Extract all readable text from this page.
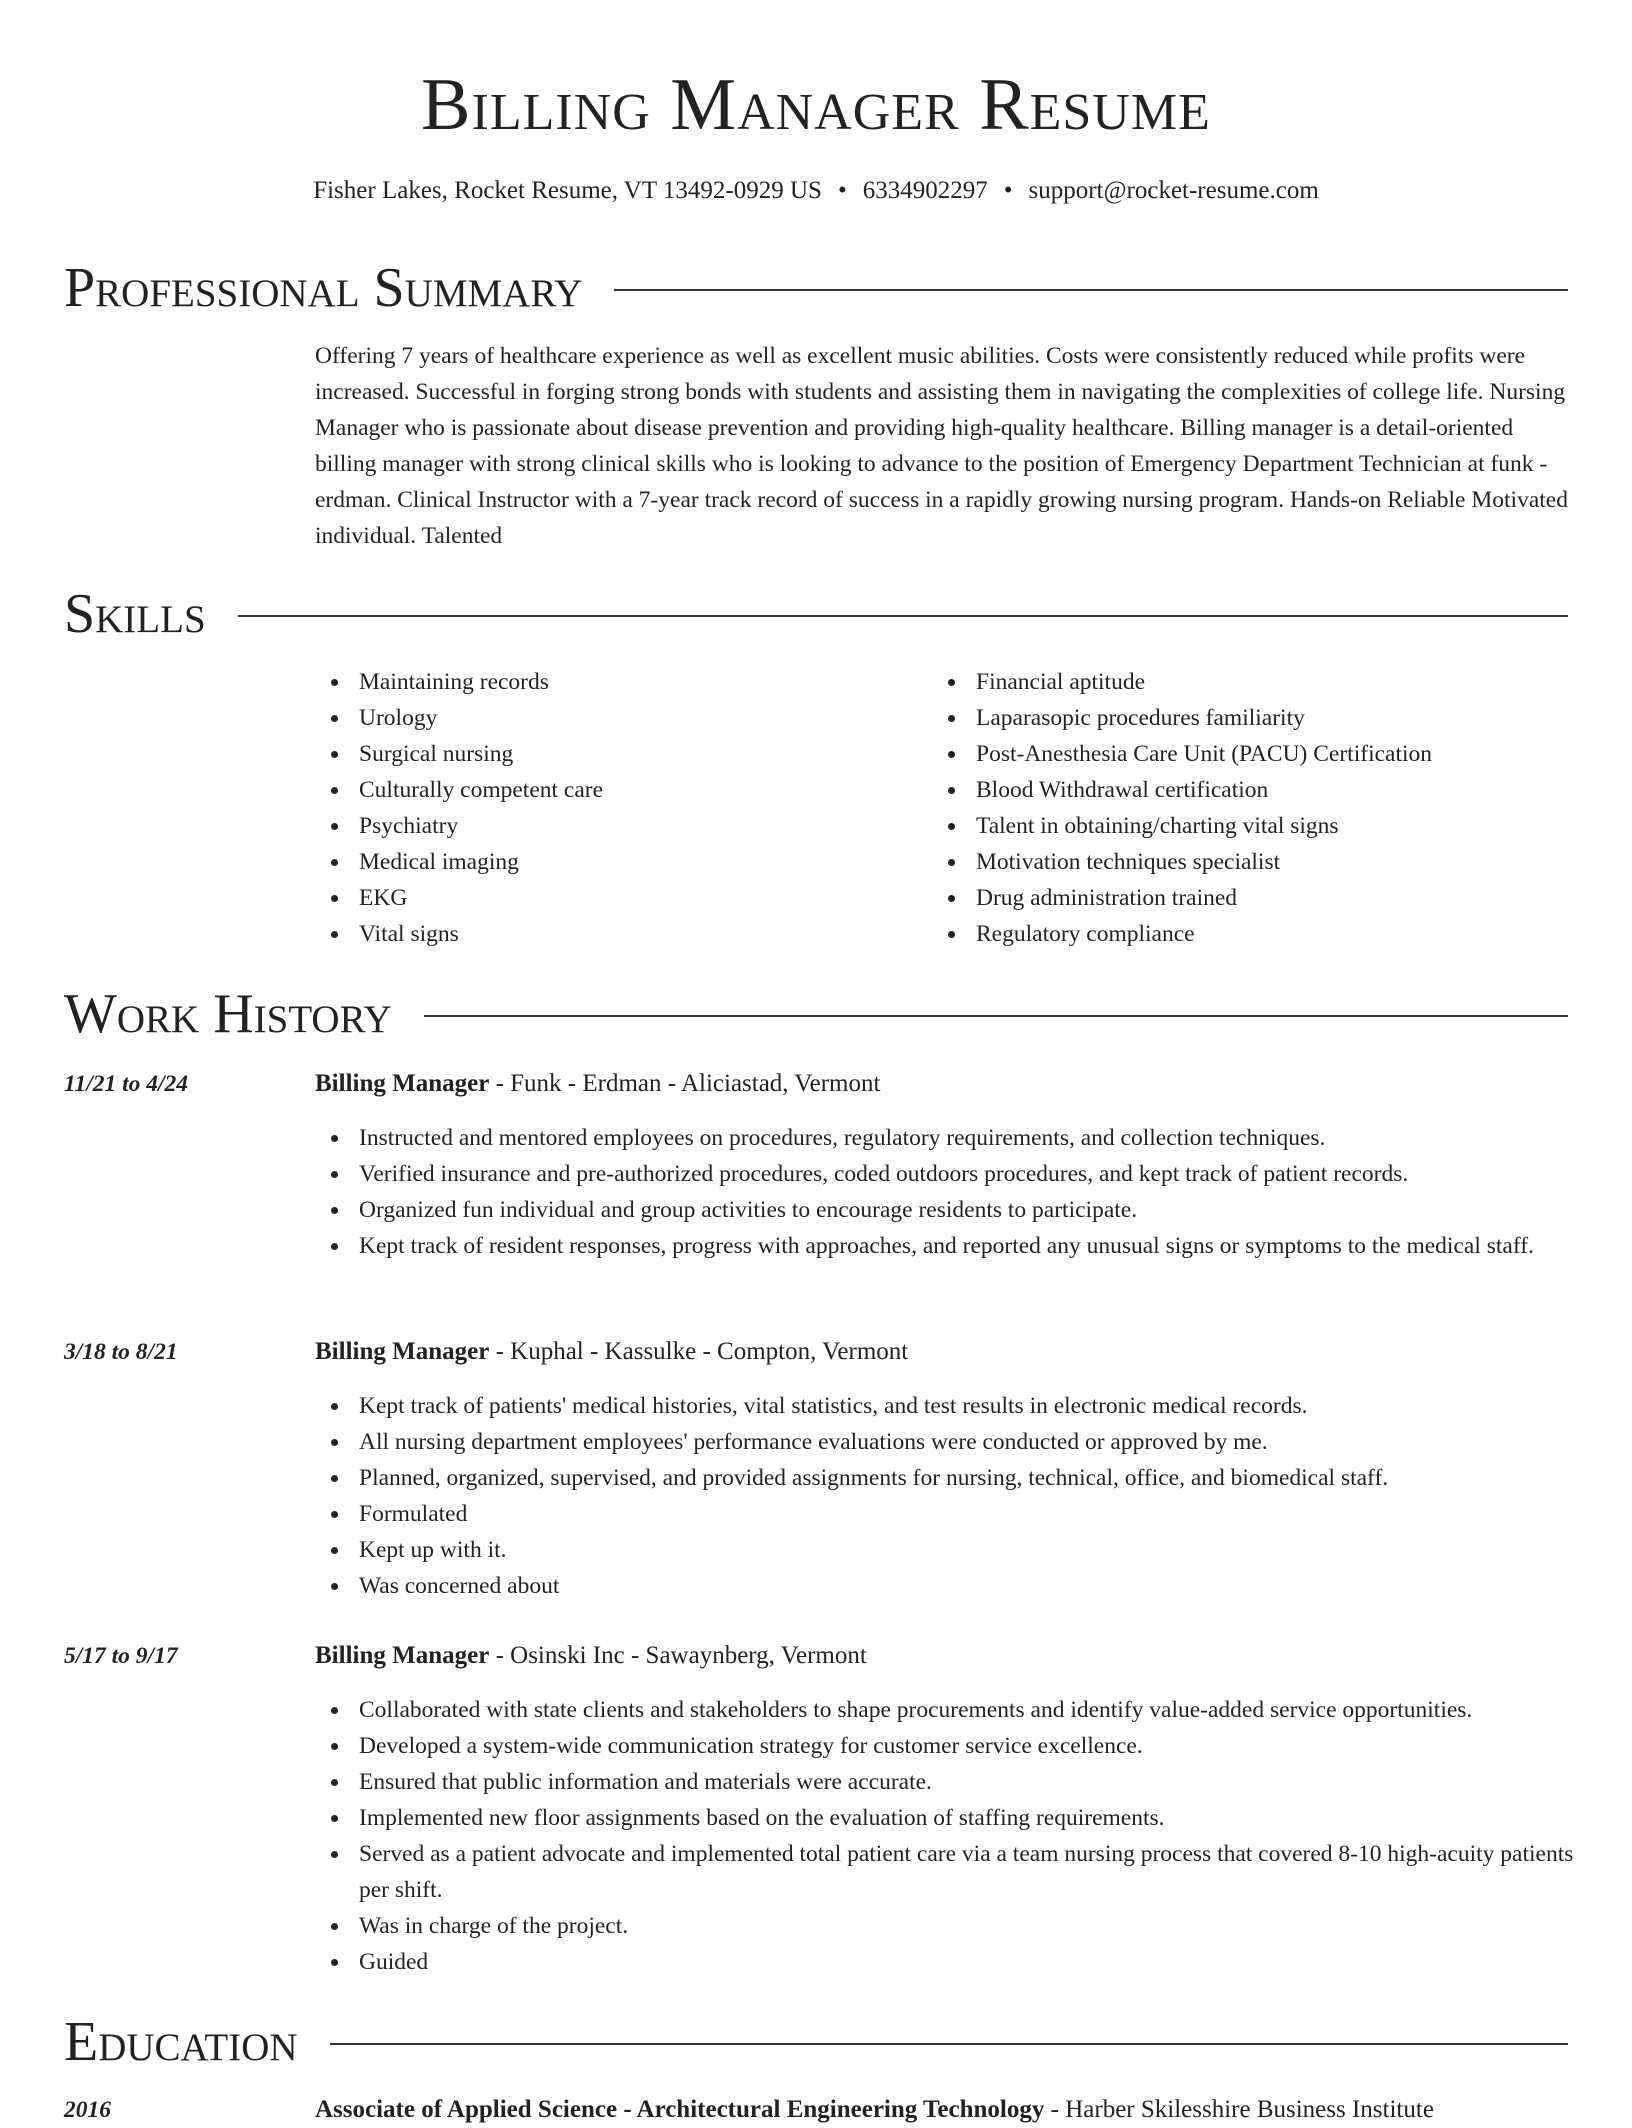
Billing Manager Resume
Fisher Lakes, Rocket Resume, VT 13492-0929 US • 6334902297 • support@rocket-resume.com
Professional Summary
Offering 7 years of healthcare experience as well as excellent music abilities. Costs were consistently reduced while profits were increased. Successful in forging strong bonds with students and assisting them in navigating the complexities of college life. Nursing Manager who is passionate about disease prevention and providing high-quality healthcare. Billing manager is a detail-oriented billing manager with strong clinical skills who is looking to advance to the position of Emergency Department Technician at funk - erdman. Clinical Instructor with a 7-year track record of success in a rapidly growing nursing program. Hands-on Reliable Motivated individual. Talented
Skills
Maintaining records
Urology
Surgical nursing
Culturally competent care
Psychiatry
Medical imaging
EKG
Vital signs
Financial aptitude
Laparasopic procedures familiarity
Post-Anesthesia Care Unit (PACU) Certification
Blood Withdrawal certification
Talent in obtaining/charting vital signs
Motivation techniques specialist
Drug administration trained
Regulatory compliance
Work History
11/21 to 4/24	Billing Manager - Funk - Erdman - Aliciastad, Vermont
Instructed and mentored employees on procedures, regulatory requirements, and collection techniques.
Verified insurance and pre-authorized procedures, coded outdoors procedures, and kept track of patient records.
Organized fun individual and group activities to encourage residents to participate.
Kept track of resident responses, progress with approaches, and reported any unusual signs or symptoms to the medical staff.
3/18 to 8/21	Billing Manager - Kuphal - Kassulke - Compton, Vermont
Kept track of patients' medical histories, vital statistics, and test results in electronic medical records.
All nursing department employees' performance evaluations were conducted or approved by me.
Planned, organized, supervised, and provided assignments for nursing, technical, office, and biomedical staff.
Formulated
Kept up with it.
Was concerned about
5/17 to 9/17	Billing Manager - Osinski Inc - Sawaynberg, Vermont
Collaborated with state clients and stakeholders to shape procurements and identify value-added service opportunities.
Developed a system-wide communication strategy for customer service excellence.
Ensured that public information and materials were accurate.
Implemented new floor assignments based on the evaluation of staffing requirements.
Served as a patient advocate and implemented total patient care via a team nursing process that covered 8-10 high-acuity patients per shift.
Was in charge of the project.
Guided
Education
2016	Associate of Applied Science - Architectural Engineering Technology - Harber Skilesshire Business Institute
